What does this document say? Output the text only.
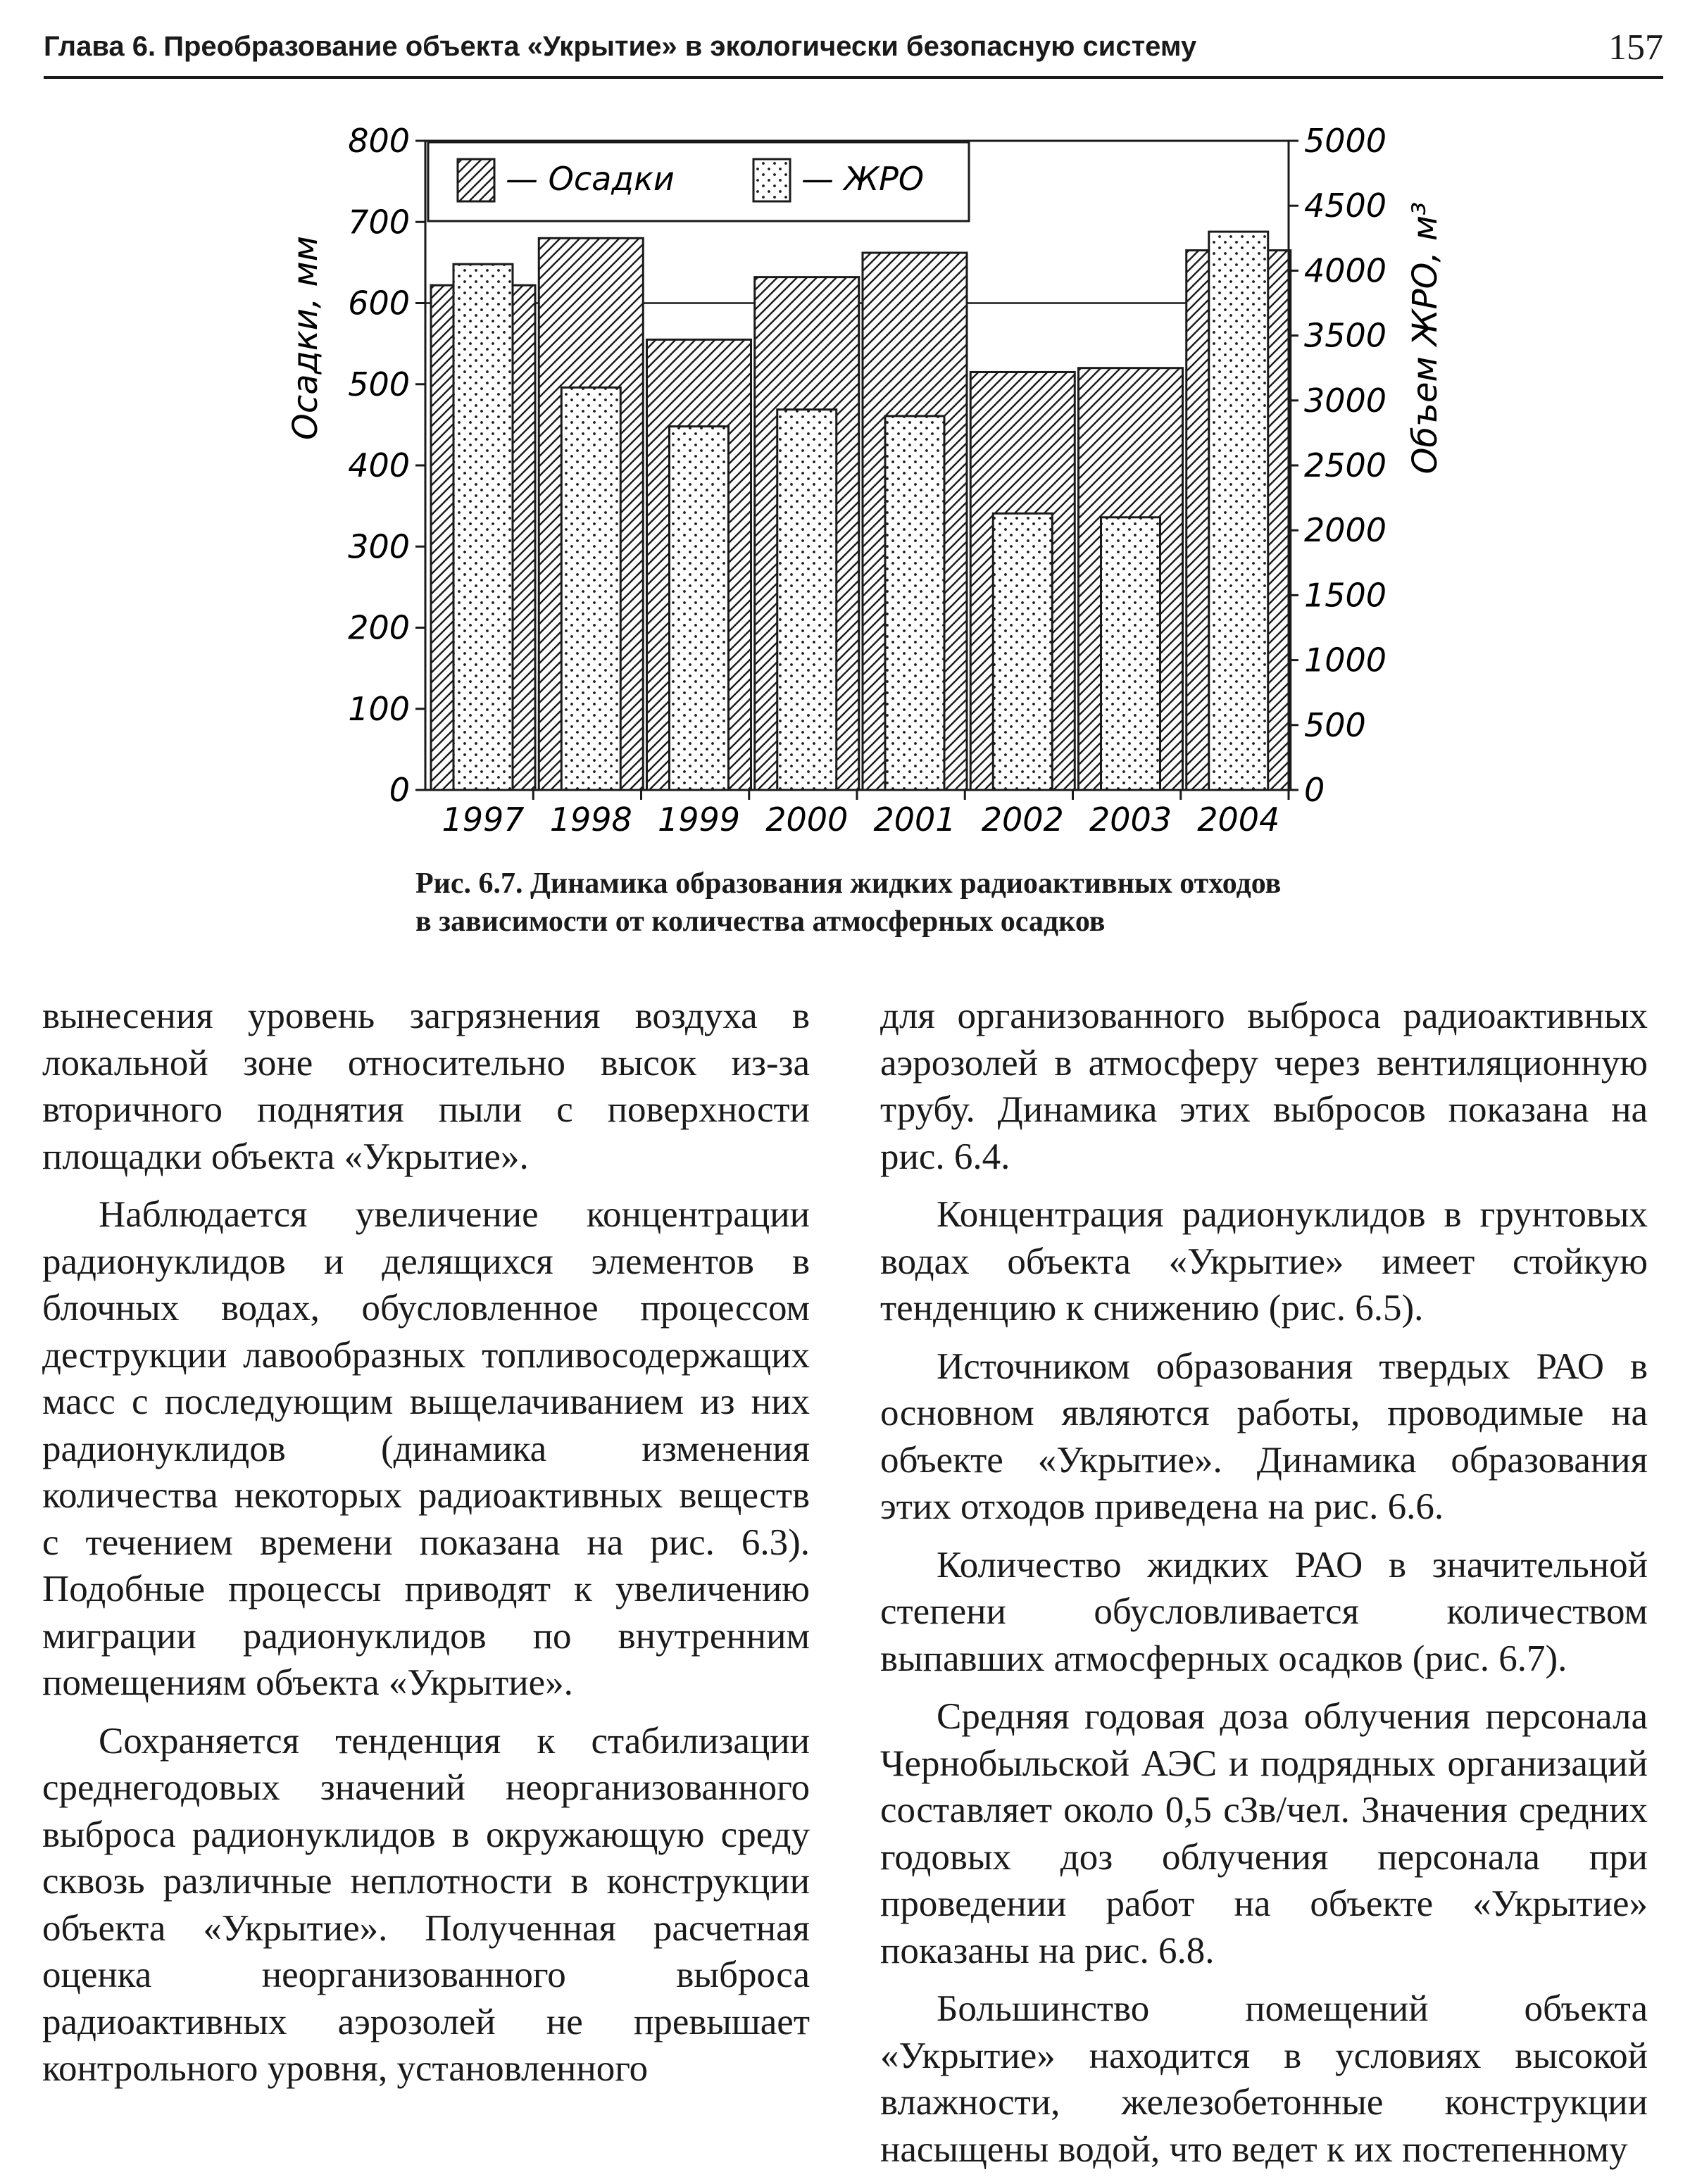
Глава 6. Преобразование объекта «Укрытие» в экологически безопасную систему	157
1997 1998 1999 2000 2001 2002 2003 2004
0
100
200
300
400
500
600
700
800
0
500
1000
1500
2000
2500
3000
3500
4000
4500
5000
— Осадки	— ЖРО
Осадки, мм	Объем ЖРО, м³
Рис. 6.7. Динамика образования жидких радиоактивных отходов
в зависимости от количества атмосферных осадков

вынесения уровень загрязнения воздуха в локальной зоне относительно высок из-за вторичного поднятия пыли с поверхности площадки объекта «Укрытие».

Наблюдается увеличение концентрации радионуклидов и делящихся элементов в блочных водах, обусловленное процессом деструкции лавообразных топливосодержащих масс с последующим выщелачиванием из них радионуклидов (динамика изменения количества некоторых радиоактивных веществ с течением времени показана на рис. 6.3). Подобные процессы приводят к увеличению миграции радионуклидов по внутренним помещениям объекта «Укрытие».

Сохраняется тенденция к стабилизации среднегодовых значений неорганизованного выброса радионуклидов в окружающую среду сквозь различные неплотности в конструкции объекта «Укрытие». Полученная расчетная оценка неорганизованного выброса радиоактивных аэрозолей не превышает контрольного уровня, установленного

для организованного выброса радиоактивных аэрозолей в атмосферу через вентиляционную трубу. Динамика этих выбросов показана на рис. 6.4.

Концентрация радионуклидов в грунтовых водах объекта «Укрытие» имеет стойкую тенденцию к снижению (рис. 6.5).

Источником образования твердых РАО в основном являются работы, проводимые на объекте «Укрытие». Динамика образования этих отходов приведена на рис. 6.6.

Количество жидких РАО в значительной степени обусловливается количеством выпавших атмосферных осадков (рис. 6.7).

Средняя годовая доза облучения персонала Чернобыльской АЭС и подрядных организаций составляет около 0,5 сЗв/чел. Значения средних годовых доз облучения персонала при проведении работ на объекте «Укрытие» показаны на рис. 6.8.

Большинство помещений объекта «Укрытие» находится в условиях высокой влажности, железобетонные конструкции насыщены водой, что ведет к их постепенному
